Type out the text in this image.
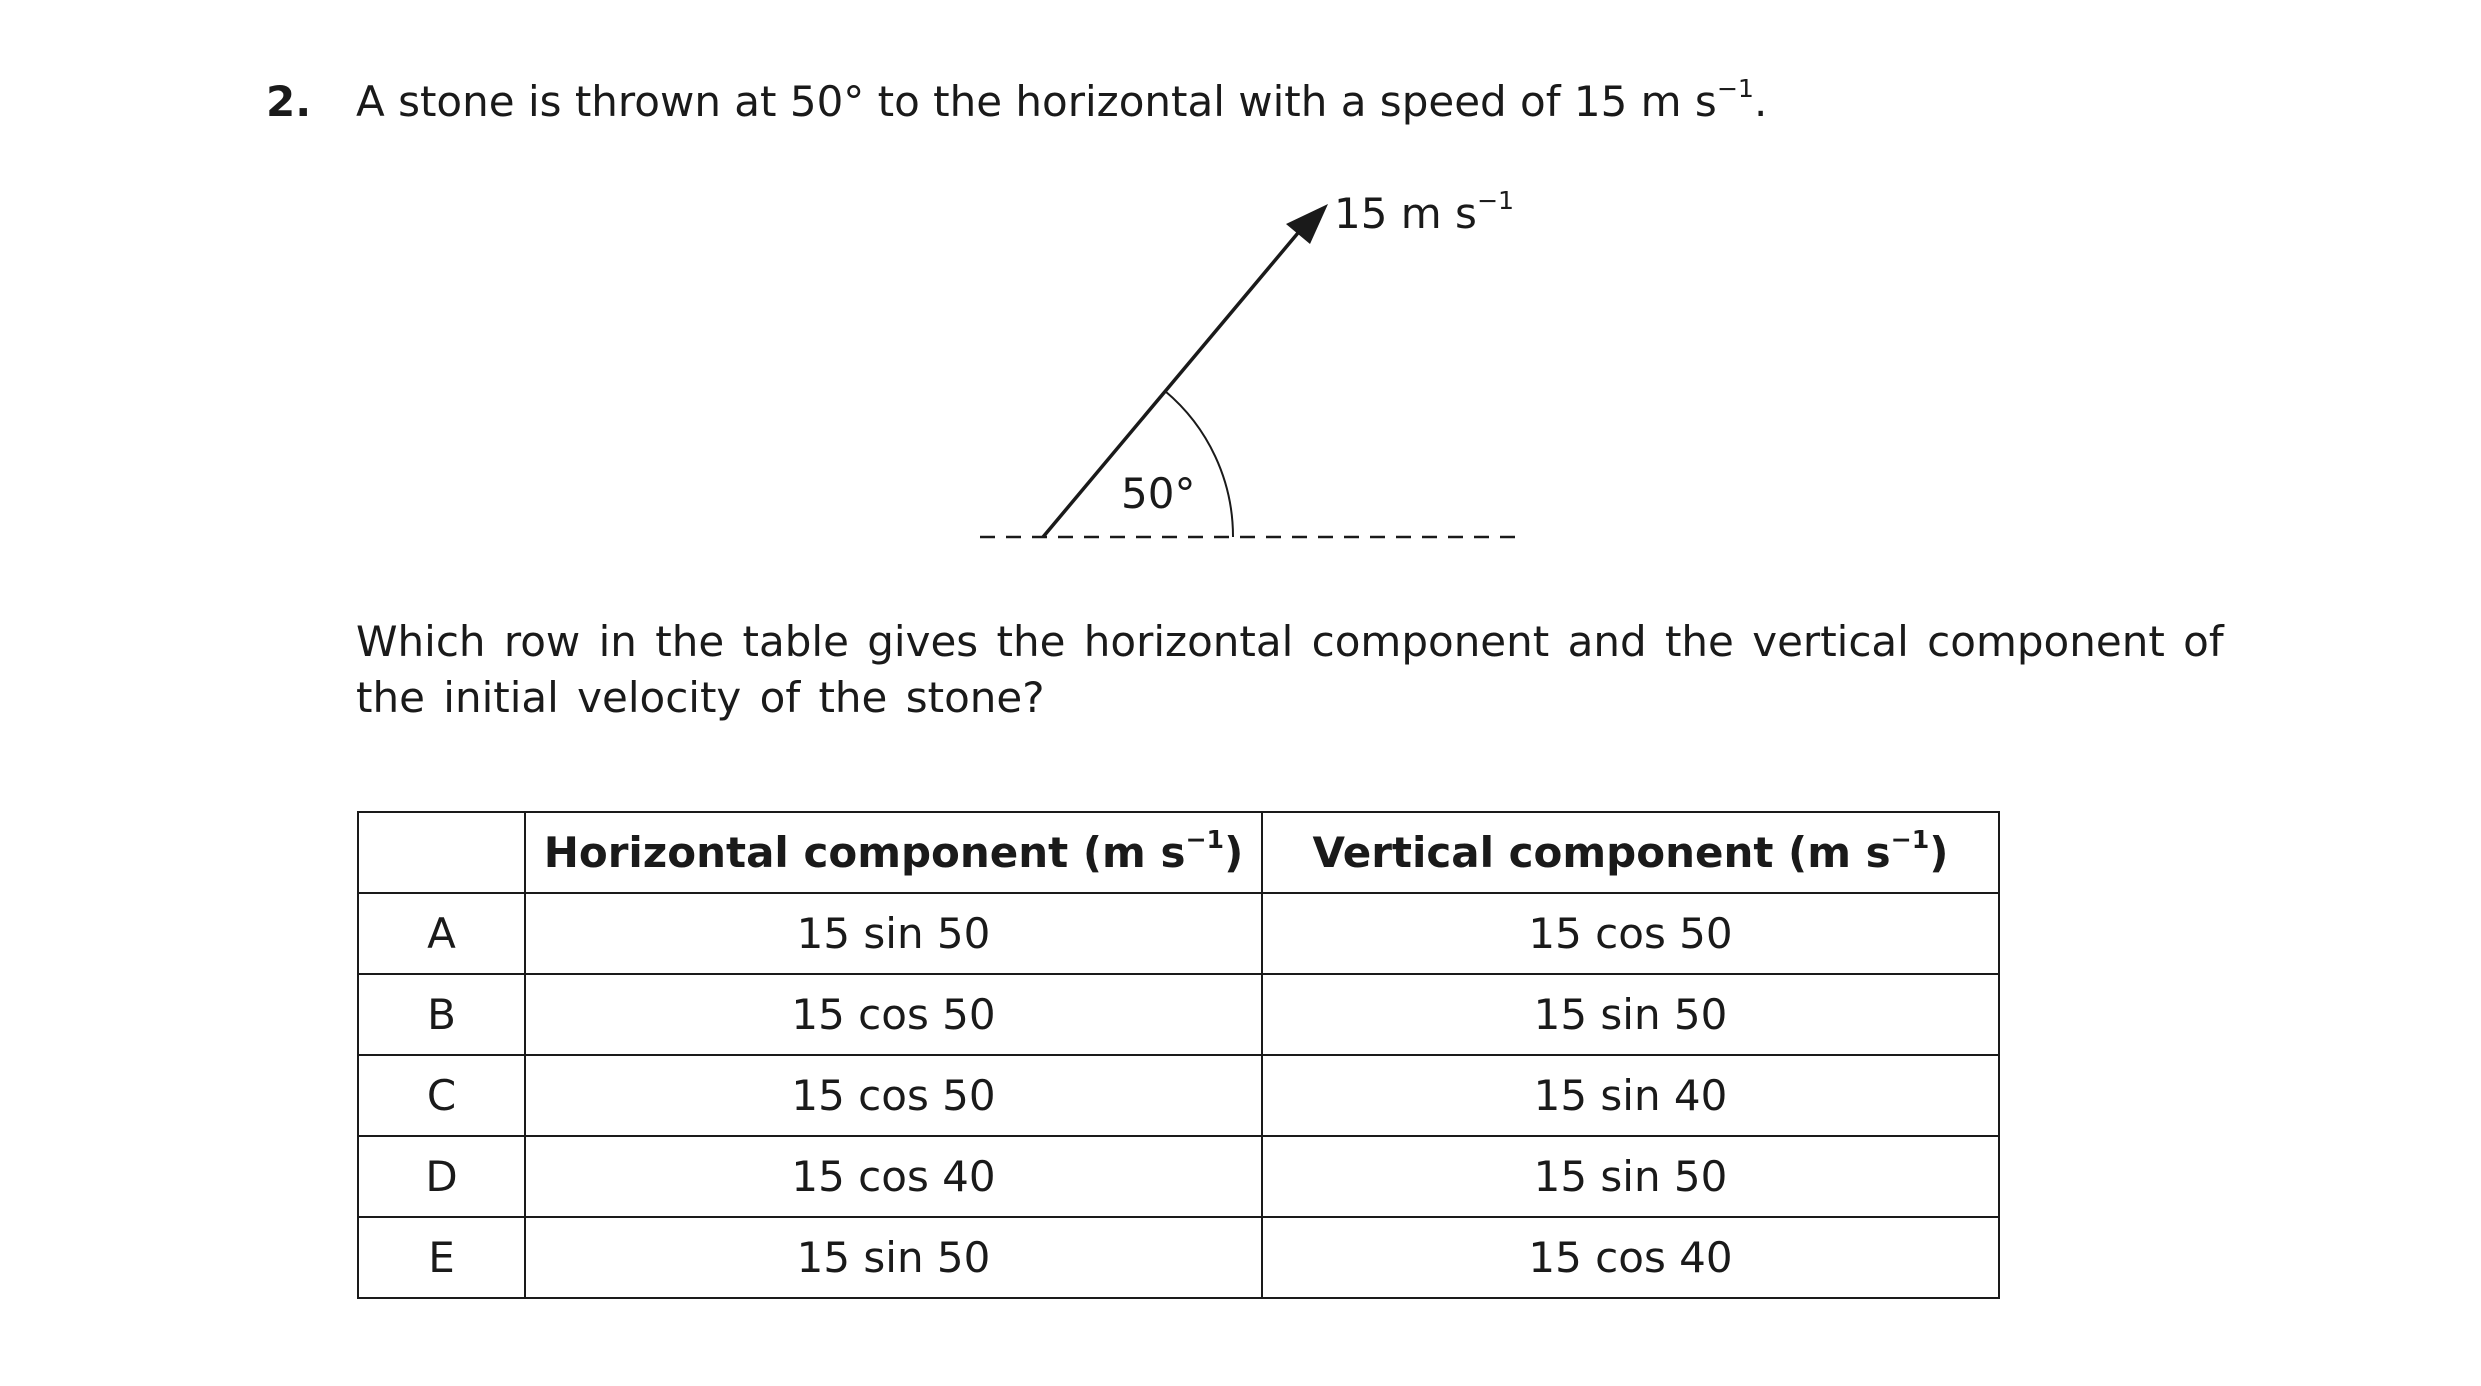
2. A stone is thrown at 50° to the horizontal with a speed of 15 m $s^{-1}$.
15 m $s^{-1}$
50°
Which row in the table gives the horizontal component and the vertical component of the initial velocity of the stone?
	Horizontal component (m $s^{-1}$)	Vertical component (m $s^{-1}$)
A	15 sin 50	15 cos 50
B	15 cos 50	15 sin 50
C	15 cos 50	15 sin 40
D	15 cos 40	15 sin 50
E	15 sin 50	15 cos 40
